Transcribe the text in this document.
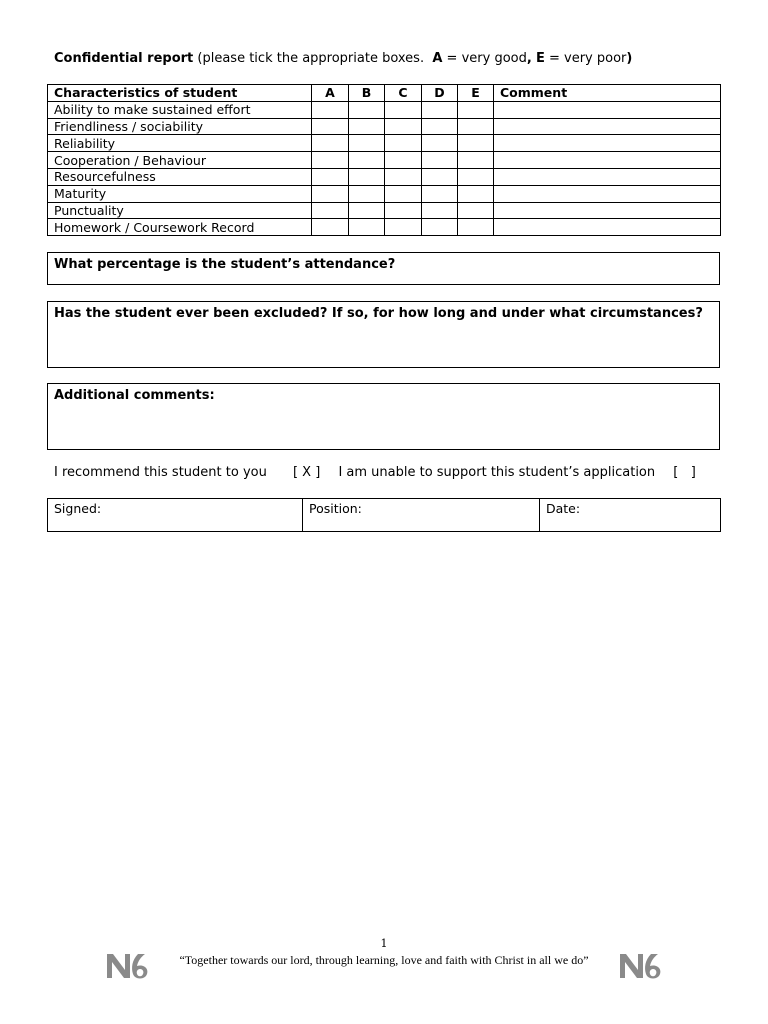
Confidential report (please tick the appropriate boxes. A = very good, E = very poor)
Characteristics of student	A	B	C	D	E	Comment
Ability to make sustained effort						
Friendliness / sociability						
Reliability						
Cooperation / Behaviour						
Resourcefulness						
Maturity						
Punctuality						
Homework / Coursework Record						
What percentage is the student’s attendance?
Has the student ever been excluded? If so, for how long and under what circumstances?
Additional comments:
I recommend this student to you [ X ] I am unable to support this student’s application [   ]
Signed:	Position:	Date:
1
“Together towards our lord, through learning, love and faith with Christ in all we do”
